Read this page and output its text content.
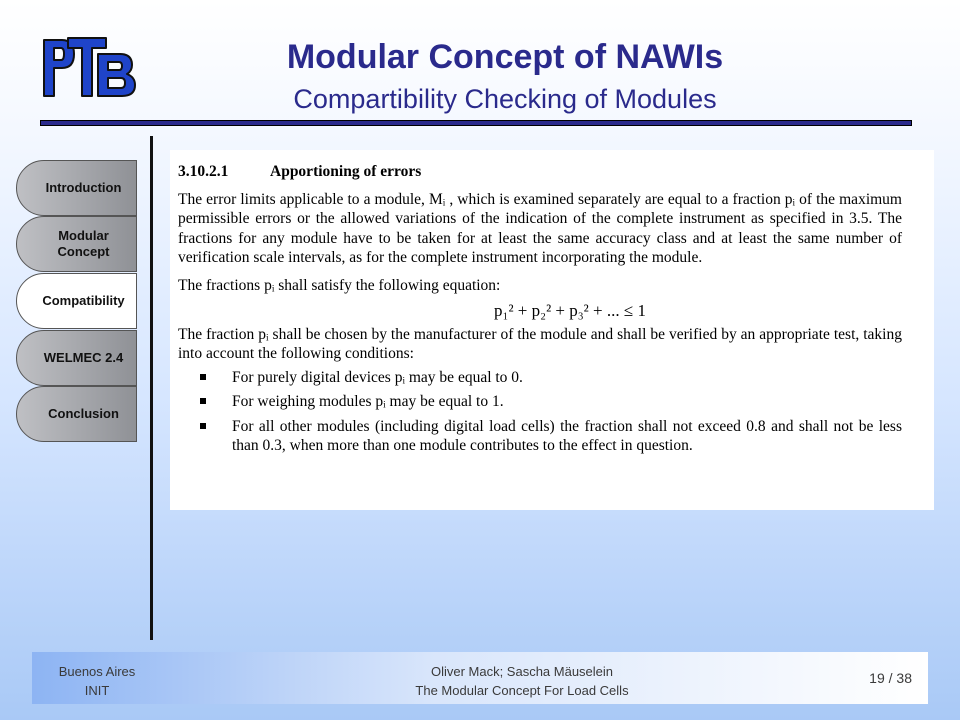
Modular Concept of NAWIs
Compartibility Checking of Modules
Introduction
Modular Concept
Compatibility
WELMEC 2.4
Conclusion
3.10.2.1	Apportioning of errors
The error limits applicable to a module, Mᵢ , which is examined separately are equal to a fraction pᵢ of the maximum permissible errors or the allowed variations of the indication of the complete instrument as specified in 3.5. The fractions for any module have to be taken for at least the same accuracy class and at least the same number of verification scale intervals, as for the complete instrument incorporating the module.
The fractions pᵢ shall satisfy the following equation:
p₁² + p₂² + p₃² + ... ≤ 1
The fraction pᵢ shall be chosen by the manufacturer of the module and shall be verified by an appropriate test, taking into account the following conditions:
For purely digital devices pᵢ may be equal to 0.
For weighing modules pᵢ may be equal to 1.
For all other modules (including digital load cells) the fraction shall not exceed 0.8 and shall not be less than 0.3, when more than one module contributes to the effect in question.
Buenos Aires
INIT
Oliver Mack; Sascha Mäuselein
The Modular Concept For Load Cells
19 / 38
